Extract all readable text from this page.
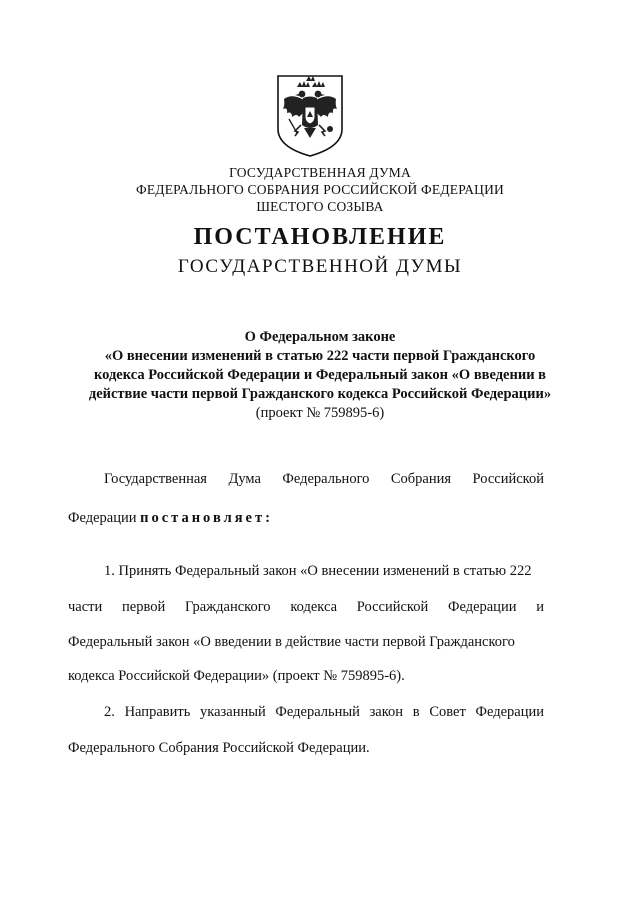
ГОСУДАРСТВЕННАЯ ДУМА
ФЕДЕРАЛЬНОГО СОБРАНИЯ РОССИЙСКОЙ ФЕДЕРАЦИИ
ШЕСТОГО СОЗЫВА
ПОСТАНОВЛЕНИЕ
ГОСУДАРСТВЕННОЙ ДУМЫ
О Федеральном законе
«О внесении изменений в статью 222 части первой Гражданского
кодекса Российской Федерации и Федеральный закон «О введении в
действие части первой Гражданского кодекса Российской Федерации»
(проект № 759895-6)
Государственная Дума Федерального Собрания Российской
Федерации постановляет:
1. Принять Федеральный закон «О внесении изменений в статью 222
части первой Гражданского кодекса Российской Федерации и
Федеральный закон «О введении в действие части первой Гражданского
кодекса Российской Федерации» (проект № 759895-6).
2. Направить указанный Федеральный закон в Совет Федерации
Федерального Собрания Российской Федерации.
